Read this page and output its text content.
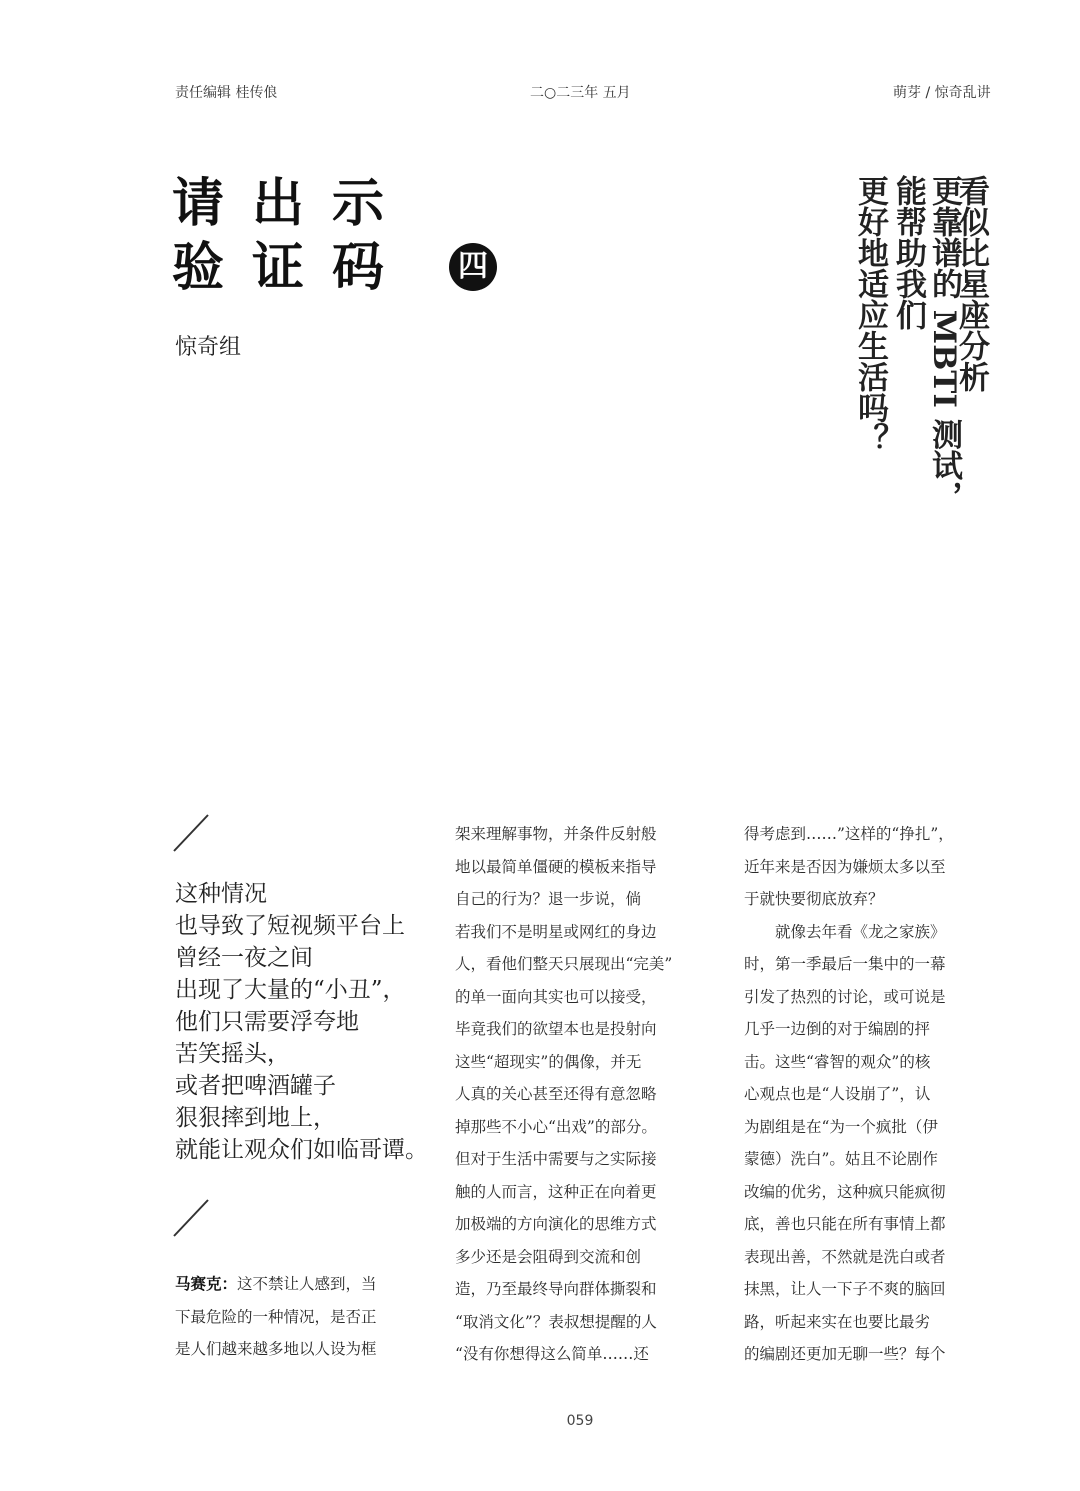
责任编辑 桂传俍	二○二三年 五月	萌芽 / 惊奇乱讲
请出示
验证码	四
惊奇组	看似比星座分析
更靠谱的 MBTI 测试，
能帮助我们
更好地适应生活吗？
这种情况
也导致了短视频平台上
曾经一夜之间
出现了大量的“小丑”，
他们只需要浮夸地
苦笑摇头，
或者把啤酒罐子
狠狠摔到地上，
就能让观众们如临哥谭。
马赛克：这不禁让人感到，当
下最危险的一种情况，是否正
是人们越来越多地以人设为框
架来理解事物，并条件反射般
地以最简单僵硬的模板来指导
自己的行为？退一步说，倘
若我们不是明星或网红的身边
人，看他们整天只展现出“完美”
的单一面向其实也可以接受，
毕竟我们的欲望本也是投射向
这些“超现实”的偶像，并无
人真的关心甚至还得有意忽略
掉那些不小心“出戏”的部分。
但对于生活中需要与之实际接
触的人而言，这种正在向着更
加极端的方向演化的思维方式
多少还是会阻碍到交流和创
造，乃至最终导向群体撕裂和
“取消文化”？表叔想提醒的人
“没有你想得这么简单……还
得考虑到……”这样的“挣扎”，
近年来是否因为嫌烦太多以至
于就快要彻底放弃？
　　就像去年看《龙之家族》
时，第一季最后一集中的一幕
引发了热烈的讨论，或可说是
几乎一边倒的对于编剧的抨
击。这些“睿智的观众”的核
心观点也是“人设崩了”，认
为剧组是在“为一个疯批（伊
蒙德）洗白”。姑且不论剧作
改编的优劣，这种疯只能疯彻
底，善也只能在所有事情上都
表现出善，不然就是洗白或者
抹黑，让人一下子不爽的脑回
路，听起来实在也要比最劣
的编剧还更加无聊一些？每个
059
